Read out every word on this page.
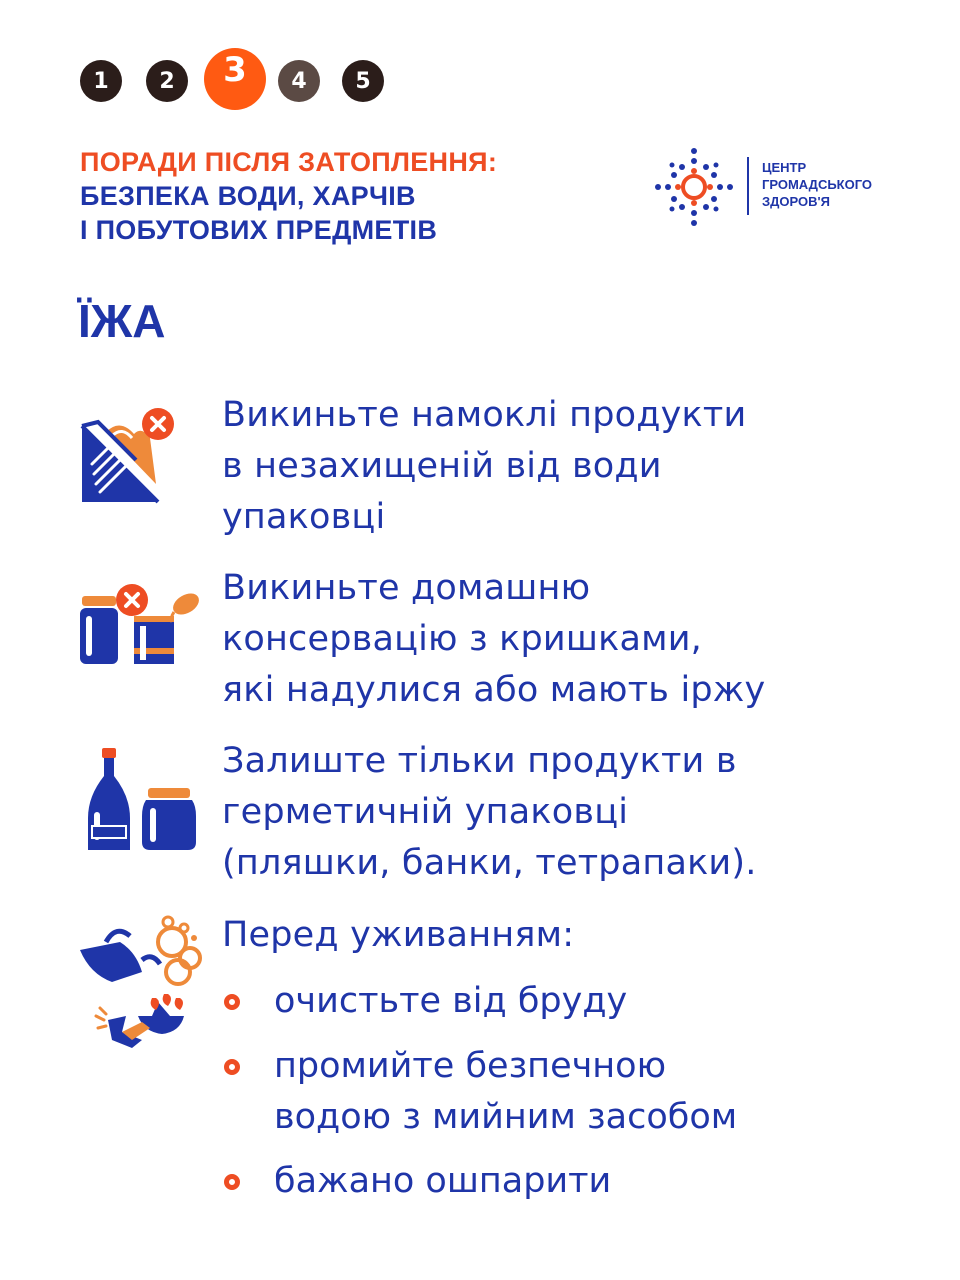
1	2	3	4	5
ПОРАДИ ПІСЛЯ ЗАТОПЛЕННЯ:
БЕЗПЕКА ВОДИ, ХАРЧІВ
І ПОБУТОВИХ ПРЕДМЕТІВ
ЦЕНТР
ГРОМАДСЬКОГО
ЗДОРОВ'Я
ЇЖА
Викиньте намоклі продукти
в незахищеній від води
упаковці
Викиньте домашню
консервацію з кришками,
які надулися або мають іржу
Залиште тільки продукти в
герметичній упаковці
(пляшки, банки, тетрапаки).
Перед уживанням:
очистьте від бруду
промийте безпечною
водою з мийним засобом
бажано ошпарити
